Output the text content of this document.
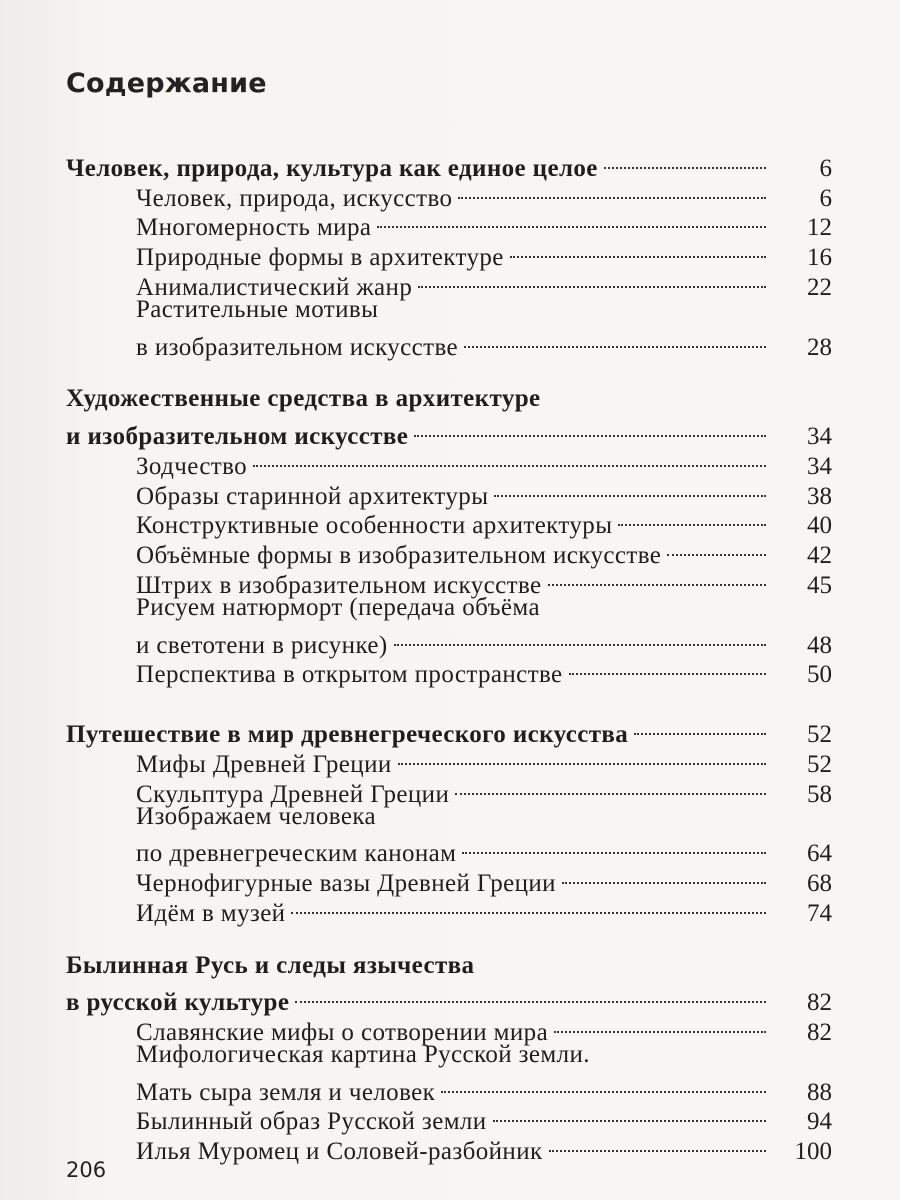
Содержание
Человек, природа, культура как единое целое	6
Человек, природа, искусство	6
Многомерность мира	12
Природные формы в архитектуре	16
Анималистический жанр	22
Растительные мотивы
в изобразительном искусстве	28
Художественные средства в архитектуре
и изобразительном искусстве	34
Зодчество	34
Образы старинной архитектуры	38
Конструктивные особенности архитектуры	40
Объёмные формы в изобразительном искусстве	42
Штрих в изобразительном искусстве	45
Рисуем натюрморт (передача объёма
и светотени в рисунке)	48
Перспектива в открытом пространстве	50
Путешествие в мир древнегреческого искусства	52
Мифы Древней Греции	52
Скульптура Древней Греции	58
Изображаем человека
по древнегреческим канонам	64
Чернофигурные вазы Древней Греции	68
Идём в музей	74
Былинная Русь и следы язычества
в русской культуре	82
Славянские мифы о сотворении мира	82
Мифологическая картина Русской земли.
Мать сыра земля и человек	88
Былинный образ Русской земли	94
Илья Муромец и Соловей-разбойник	100
206
